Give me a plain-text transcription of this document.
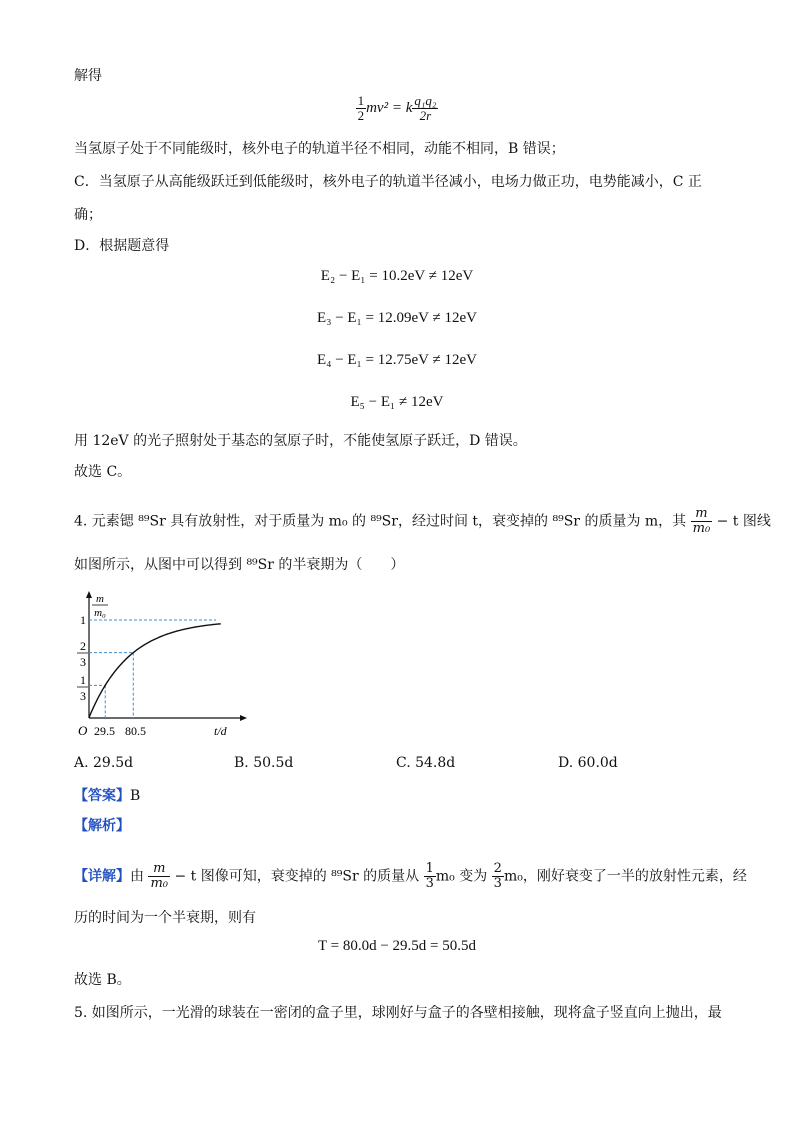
解得
$\frac{1}{2} mv^2 = k \frac{\text{q₁q₂}}{2r}$
当氢原子处于不同能级时，核外电子的轨道半径不相同，动能不相同，B 错误；
C．当氢原子从高能级跃迁到低能级时，核外电子的轨道半径减小，电场力做正功，电势能减小，C 正
确；
D．根据题意得
E₂ − E₁ = 10.2eV ≠ 12eV
E₃ − E₁ = 12.09eV ≠ 12eV
E₄ − E₁ = 12.75eV ≠ 12eV
E₅ − E₁ ≠ 12eV
用 12eV 的光子照射处于基态的氢原子时，不能使氢原子跃迁，D 错误。
故选 C。
4. 元素锶 ⁸⁹Sr 具有放射性，对于质量为 m₀ 的 ⁸⁹Sr，经过时间 t，衰变掉的 ⁸⁹Sr 的质量为 m，其 $\frac{m}{\text{m₀}} - t$ 图线
如图所示，从图中可以得到 ⁸⁹Sr 的半衰期为（　　）
m
m₀
1
2
3
1
3
O 29.5 80.5	t/d
A. 29.5d	B. 50.5d	C. 54.8d	D. 60.0d
【答案】B
【解析】
【详解】由 $\frac{m}{\text{m₀}} - t$ 图像可知，衰变掉的 ⁸⁹Sr 的质量从 $\frac{1}{3} m_0$ 变为 $\frac{2}{3} m_0$，刚好衰变了一半的放射性元素，经
历的时间为一个半衰期，则有
T = 80.0d − 29.5d = 50.5d
故选 B。
5. 如图所示，一光滑的球装在一密闭的盒子里，球刚好与盒子的各壁相接触，现将盒子竖直向上抛出，最
